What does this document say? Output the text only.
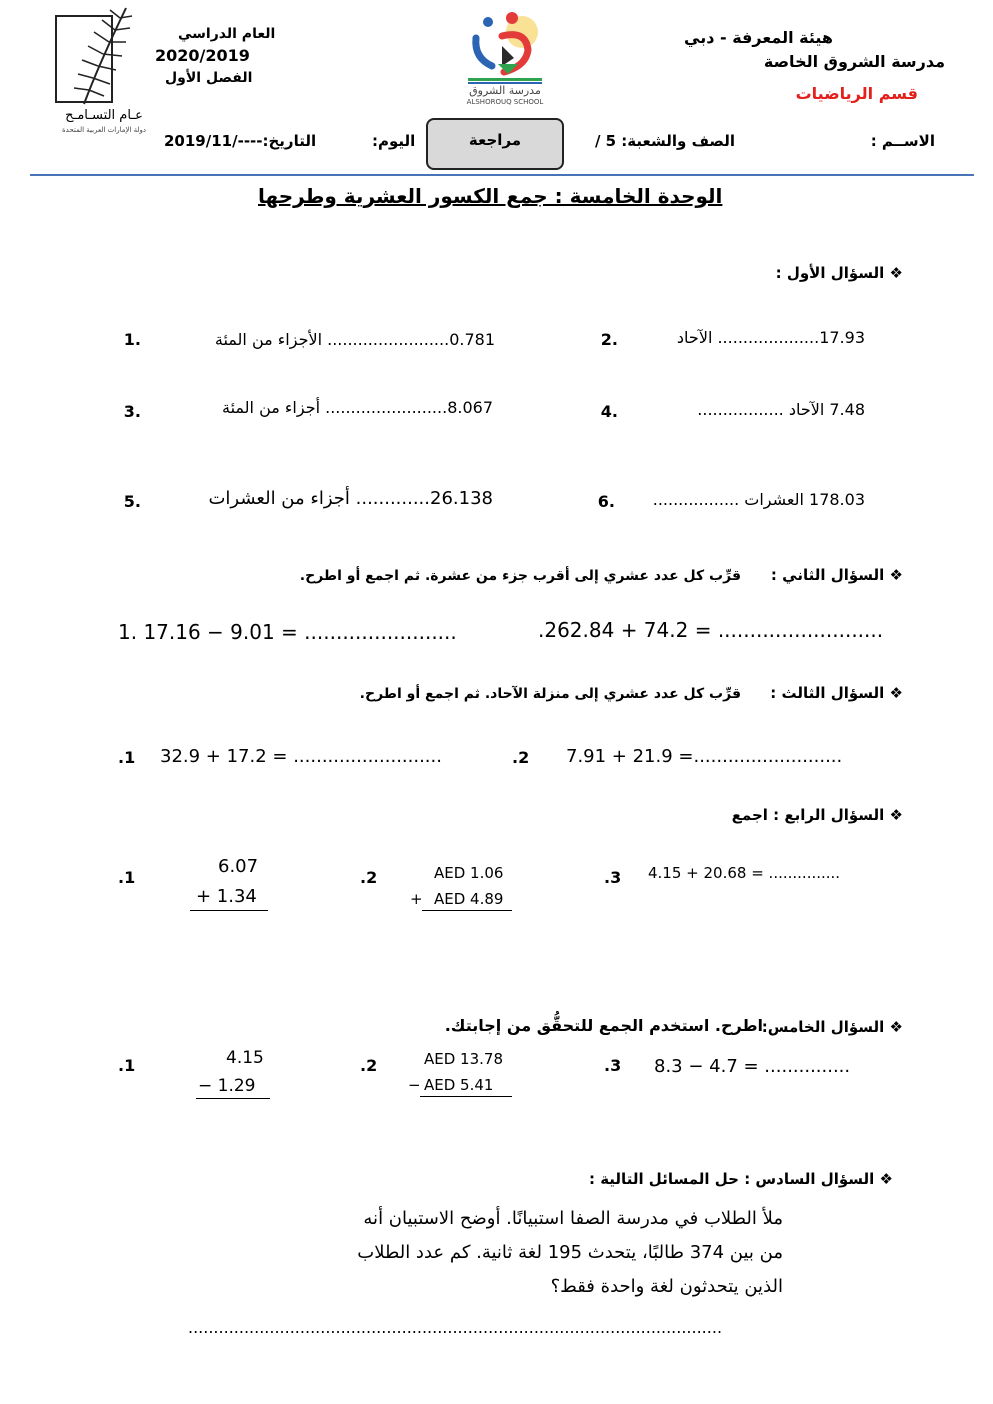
هيئة المعرفة - دبي
مدرسة الشروق الخاصة
قسم الرياضيات
العام الدراسي
2020/2019
الفصل الأول
مدرسة الشروق
ALSHOROUQ SCHOOL
عـام التسـامـح
دولة الإمارات العربية المتحدة
الاســم :
الصف والشعبة: 5 /
مراجعة
اليوم:
التاريخ:----/2019/11
الوحدة الخامسة : جمع الكسور العشرية وطرحها
❖ السؤال الأول :
.1	0.781........................ الأجزاء من المئة	.2	17.93.................... الآحاد
.3	8.067........................ أجزاء من المئة	.4	7.48 الآحاد .................
.5	26.138............. أجزاء من العشرات	.6 178.03 العشرات .................
❖ السؤال الثاني :
قرِّب كل عدد عشري إلى أقرب جزء من عشرة. ثم اجمع أو اطرح.
1. 17.16 − 9.01 = ........................	.262.84 + 74.2 = ..........................
❖ السؤال الثالث :
قرِّب كل عدد عشري إلى منزلة الآحاد. ثم اجمع أو اطرح.
.1 32.9 + 17.2 = ..........................	.2 7.91 + 21.9 =..........................
❖ السؤال الرابع : اجمع
.1
6.07
+ 1.34
.2	AED 1.06
+ AED 4.89
.3 4.15 + 20.68 = ...............
❖ السؤال الخامس:
اطرح. استخدم الجمع للتحقُّق من إجابتك.
.1	4.15
− 1.29
.2	AED 13.78
− AED 5.41
.3 8.3 − 4.7 = ...............
❖ السؤال السادس : حل المسائل التالية :
ملأ الطلاب في مدرسة الصفا استبيانًا. أوضح الاستبيان أنه
من بين 374 طالبًا، يتحدث 195 لغة ثانية. كم عدد الطلاب
الذين يتحدثون لغة واحدة فقط؟
.........................................................................................................
